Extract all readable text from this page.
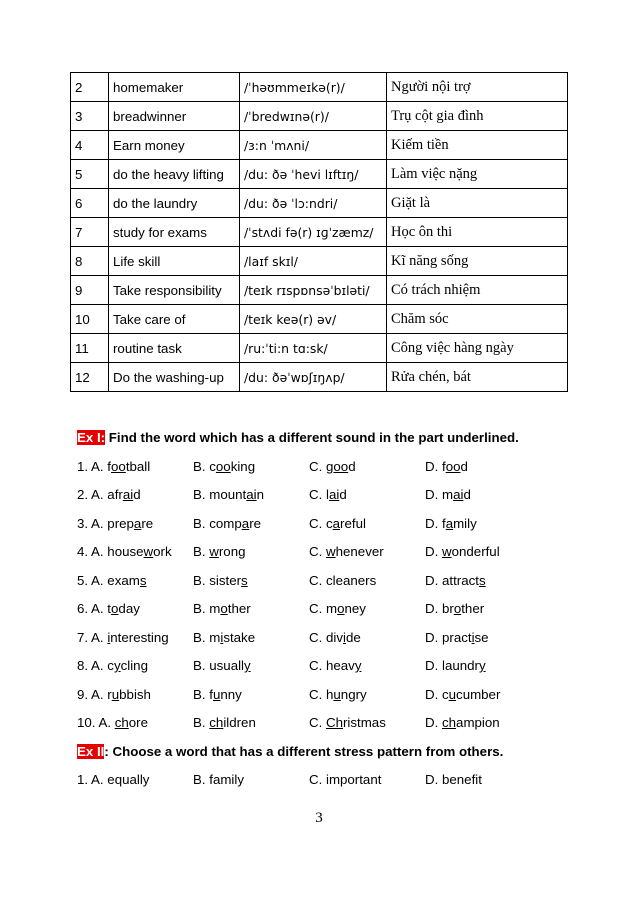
2	homemaker	/ˈhəʊmmeɪkə(r)/	Người nội trợ
3	breadwinner	/ˈbredwɪnə(r)/	Trụ cột gia đình
4	Earn money	/ɜ:n ˈmʌni/	Kiếm tiền
5	do the heavy lifting	/du: ðə ˈhevi lɪftɪŋ/	Làm việc nặng
6	do the laundry	/du: ðə ˈlɔ:ndri/	Giặt là
7	study for exams	/ˈstʌdi fə(r) ɪɡˈzæmz/	Học ôn thi
8	Life skill	/laɪf skɪl/	Kĩ năng sống
9	Take responsibility	/teɪk rɪspɒnsəˈbɪləti/	Có trách nhiệm
10	Take care of	/teɪk keə(r) əv/	Chăm sóc
11	routine task	/ru:ˈti:n tɑ:sk/	Công việc hàng ngày
12	Do the washing-up	/du: ðəˈwɒʃɪŋʌp/	Rửa chén, bát
Ex I: Find the word which has a different sound in the part underlined.
1. A. football	B. cooking	C. good	D. food
2. A. afraid	B. mountain	C. laid	D. maid
3. A. prepare	B. compare	C. careful	D. family
4. A. housework B. wrong	C. whenever	D. wonderful
5. A. exams	B. sisters	C. cleaners	D. attracts
6. A. today	B. mother	C. money	D. brother
7. A. interesting B. mistake	C. divide	D. practise
8. A. cycling	B. usually	C. heavy	D. laundry
9. A. rubbish	B. funny	C. hungry	D. cucumber
10. A. chore	B. children	C. Christmas	D. champion
Ex II: Choose a word that has a different stress pattern from others.
1. A. equally	B. family	C. important	D. benefit
3
